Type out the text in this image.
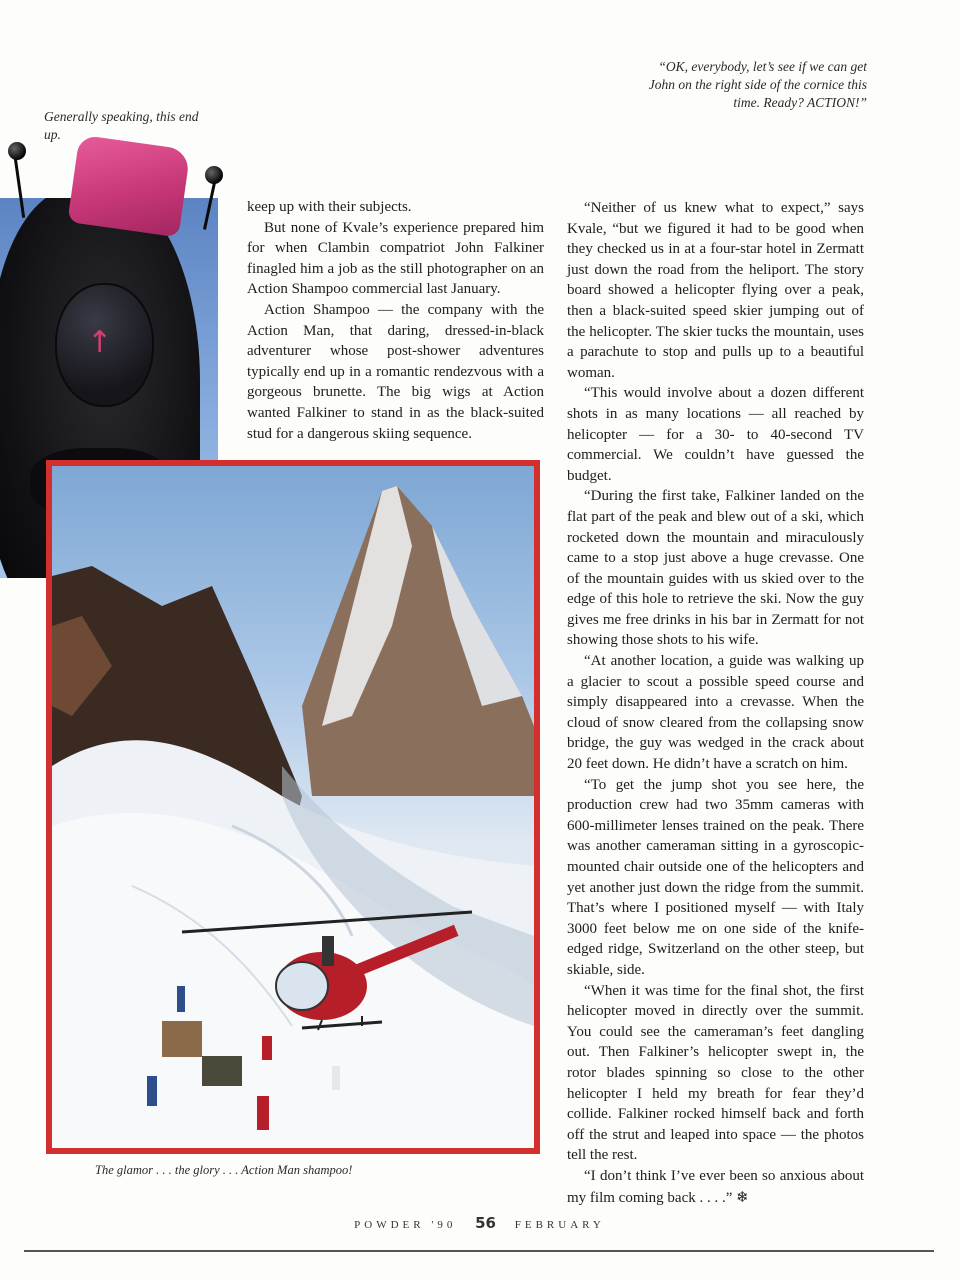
“OK, everybody, let’s see if we can get John on the right side of the cornice this time. Ready? ACTION!”
Generally speaking, this end up.
↑
The glamor . . . the glory . . . Action Man shampoo!

keep up with their subjects.

But none of Kvale’s experience prepared him for when Clambin compatriot John Falkiner finagled him a job as the still photographer on an Action Shampoo commercial last January.

Action Shampoo — the company with the Action Man, that daring, dressed-in-black adventurer whose post-shower adventures typically end up in a romantic rendezvous with a gorgeous brunette. The big wigs at Action wanted Falkiner to stand in as the black-suited stud for a dangerous skiing sequence.

“Neither of us knew what to expect,” says Kvale, “but we figured it had to be good when they checked us in at a four-star hotel in Zermatt just down the road from the heliport. The story board showed a helicopter flying over a peak, then a black-suited speed skier jumping out of the helicopter. The skier tucks the mountain, uses a parachute to stop and pulls up to a beautiful woman.

“This would involve about a dozen different shots in as many locations — all reached by helicopter — for a 30- to 40-second TV commercial. We couldn’t have guessed the budget.

“During the first take, Falkiner landed on the flat part of the peak and blew out of a ski, which rocketed down the mountain and miraculously came to a stop just above a huge crevasse. One of the mountain guides with us skied over to the edge of this hole to retrieve the ski. Now the guy gives me free drinks in his bar in Zermatt for not showing those shots to his wife.

“At another location, a guide was walking up a glacier to scout a possible speed course and simply disappeared into a crevasse. When the cloud of snow cleared from the collapsing snow bridge, the guy was wedged in the crack about 20 feet down. He didn’t have a scratch on him.

“To get the jump shot you see here, the production crew had two 35mm cameras with 600-millimeter lenses trained on the peak. There was another cameraman sitting in a gyroscopic-mounted chair outside one of the helicopters and yet another just down the ridge from the summit. That’s where I positioned myself — with Italy 3000 feet below me on one side of the knife-edged ridge, Switzerland on the other steep, but skiable, side.

“When it was time for the final shot, the first helicopter moved in directly over the summit. You could see the cameraman’s feet dangling out. Then Falkiner’s helicopter swept in, the rotor blades spinning so close to the other helicopter I held my breath for fear they’d collide. Falkiner rocked himself back and forth off the strut and leaped into space — the photos tell the rest.

“I don’t think I’ve ever been so anxious about my film coming back . . . .” ❄

POWDER '90 56 FEBRUARY
